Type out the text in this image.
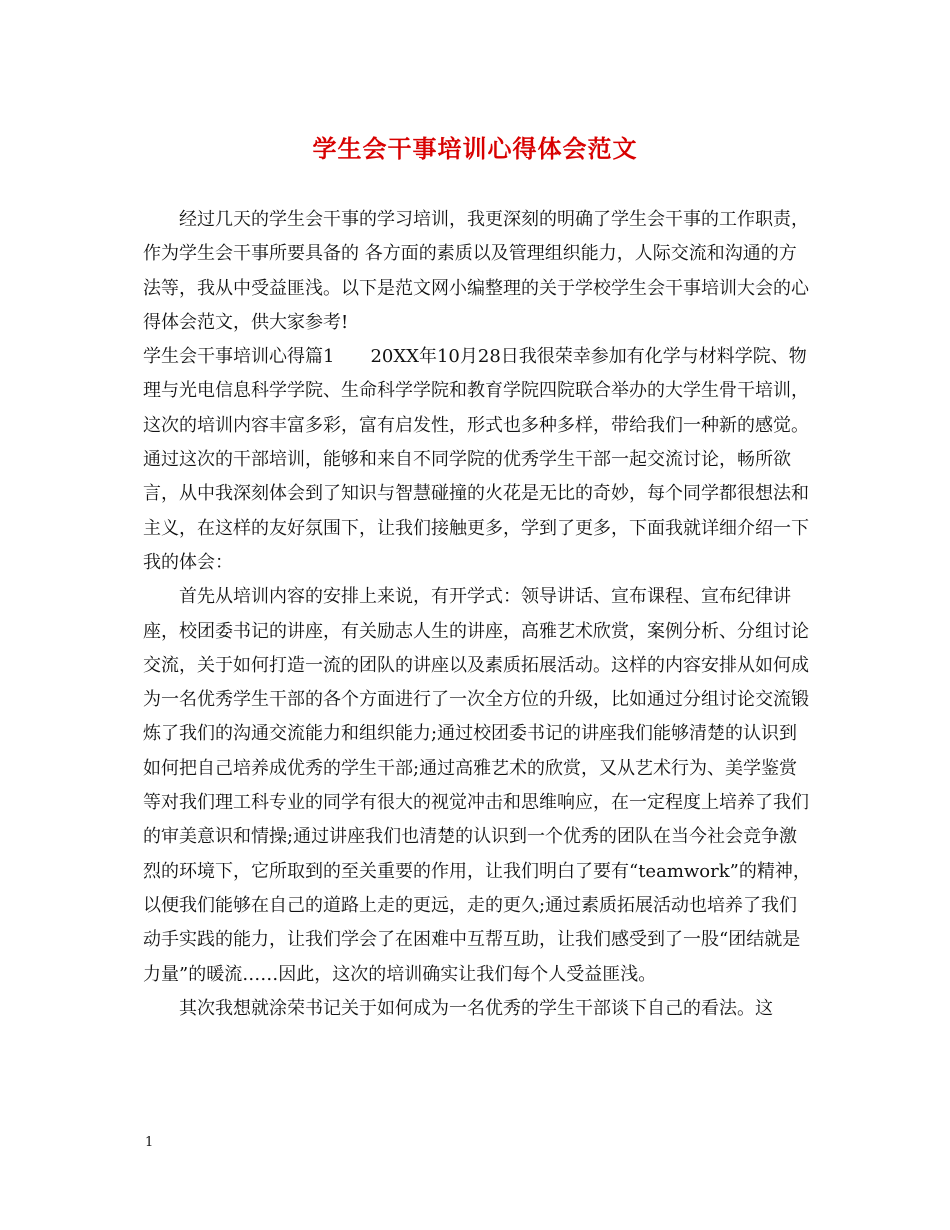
学生会干事培训心得体会范文

经过几天的学生会干事的学习培训，我更深刻的明确了学生会干事的工作职责，作为学生会干事所要具备的 各方面的素质以及管理组织能力，人际交流和沟通的方法等，我从中受益匪浅。以下是范文网小编整理的关于学校学生会干事培训大会的心得体会范文，供大家参考!

学生会干事培训心得篇1　　20XX年10月28日我很荣幸参加有化学与材料学院、物理与光电信息科学学院、生命科学学院和教育学院四院联合举办的大学生骨干培训，这次的培训内容丰富多彩，富有启发性，形式也多种多样，带给我们一种新的感觉。通过这次的干部培训，能够和来自不同学院的优秀学生干部一起交流讨论，畅所欲言，从中我深刻体会到了知识与智慧碰撞的火花是无比的奇妙，每个同学都很想法和主义，在这样的友好氛围下，让我们接触更多，学到了更多，下面我就详细介绍一下我的体会：

首先从培训内容的安排上来说，有开学式：领导讲话、宣布课程、宣布纪律讲座，校团委书记的讲座，有关励志人生的讲座，高雅艺术欣赏，案例分析、分组讨论交流，关于如何打造一流的团队的讲座以及素质拓展活动。这样的内容安排从如何成为一名优秀学生干部的各个方面进行了一次全方位的升级，比如通过分组讨论交流锻炼了我们的沟通交流能力和组织能力;通过校团委书记的讲座我们能够清楚的认识到如何把自己培养成优秀的学生干部;通过高雅艺术的欣赏，又从艺术行为、美学鉴赏等对我们理工科专业的同学有很大的视觉冲击和思维响应，在一定程度上培养了我们的审美意识和情操;通过讲座我们也清楚的认识到一个优秀的团队在当今社会竞争激烈的环境下，它所取到的至关重要的作用，让我们明白了要有“teamwork”的精神，以便我们能够在自己的道路上走的更远，走的更久;通过素质拓展活动也培养了我们动手实践的能力，让我们学会了在困难中互帮互助，让我们感受到了一股“团结就是力量”的暖流……因此，这次的培训确实让我们每个人受益匪浅。

其次我想就涂荣书记关于如何成为一名优秀的学生干部谈下自己的看法。这

1
